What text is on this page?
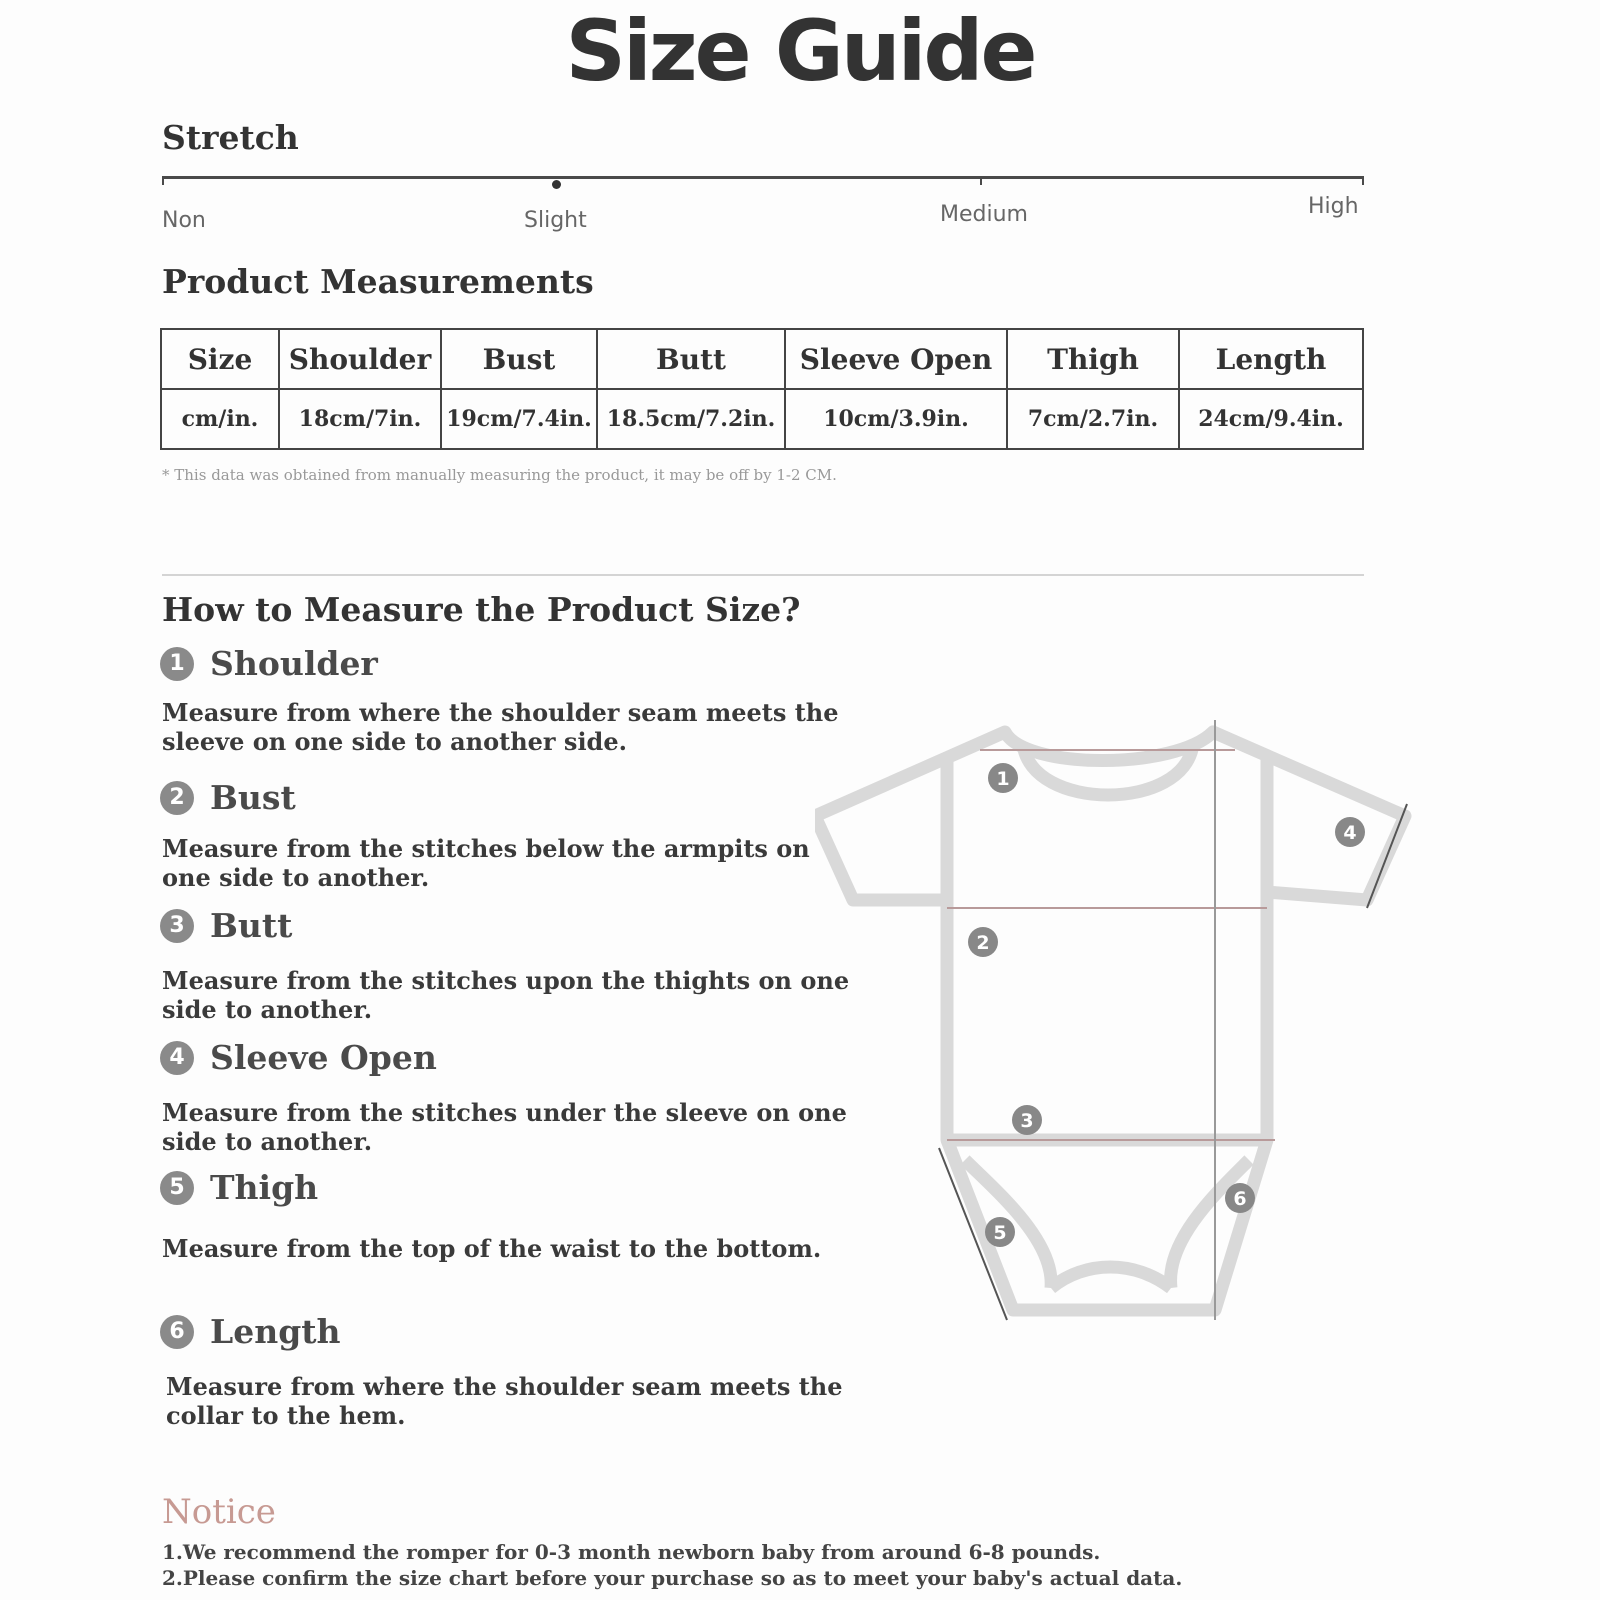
Size Guide
Stretch
Non	Slight	Medium	High
Product Measurements
Size	Shoulder	Bust	Butt	Sleeve Open	Thigh	Length
cm/in.	18cm/7in.	19cm/7.4in.	18.5cm/7.2in.	10cm/3.9in.	7cm/2.7in.	24cm/9.4in.
* This data was obtained from manually measuring the product, it may be off by 1-2 CM.
How to Measure the Product Size?
1 Shoulder
Measure from where the shoulder seam meets the sleeve on one side to another side.
2 Bust
Measure from the stitches below the armpits on one side to another.
3 Butt
Measure from the stitches upon the thights on one side to another.
4 Sleeve Open
Measure from the stitches under the sleeve on one side to another.
5 Thigh
Measure from the top of the waist to the bottom.
6 Length
Measure from where the shoulder seam meets the collar to the hem.
1
4
2
3
5
6
Notice
1.We recommend the romper for 0-3 month newborn baby from around 6-8 pounds.
2.Please confirm the size chart before your purchase so as to meet your baby's actual data.
